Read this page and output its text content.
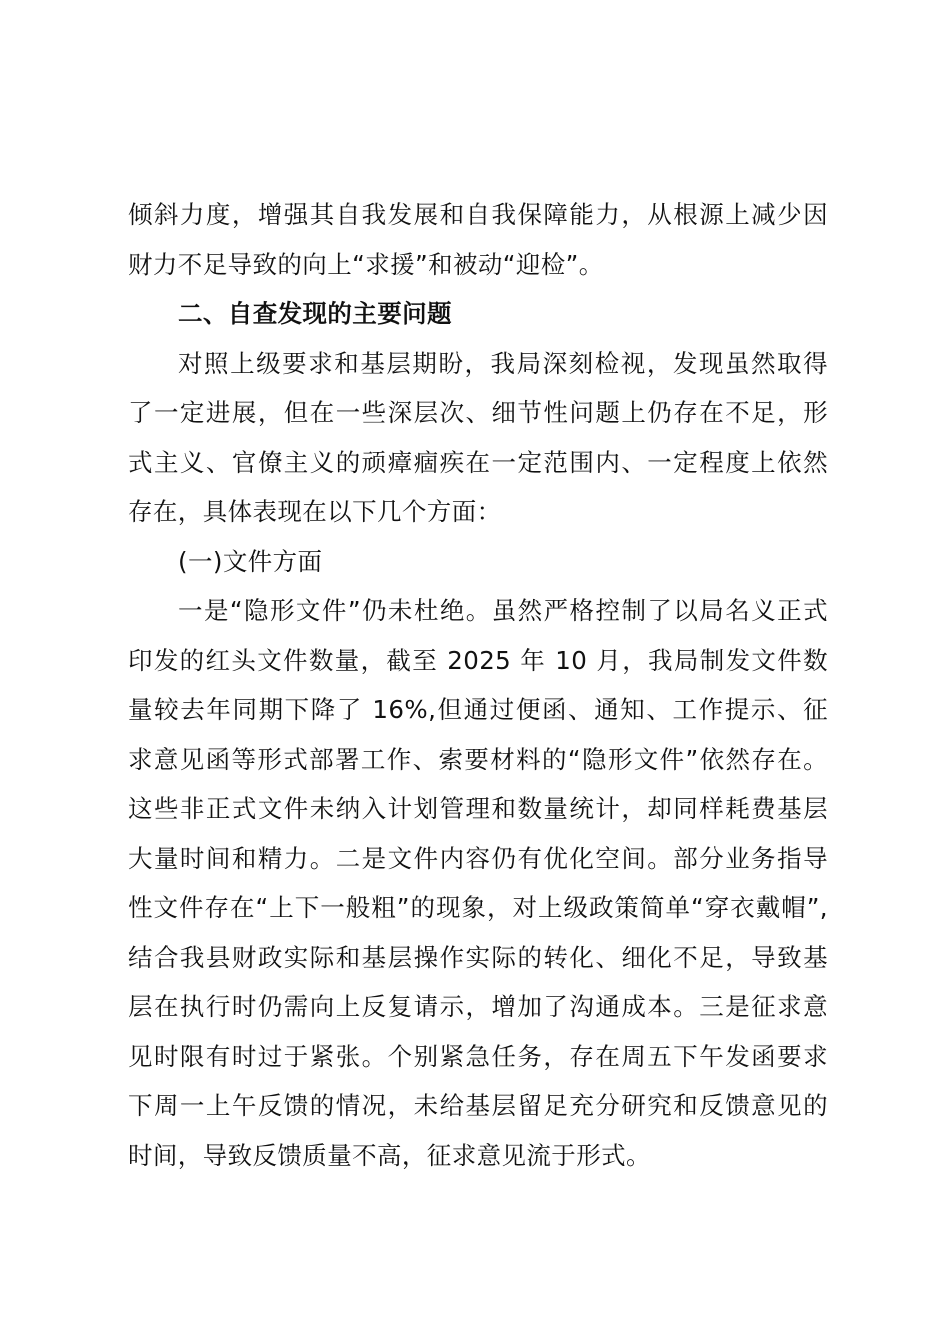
倾斜力度，增强其自我发展和自我保障能力，从根源上减少因
财力不足导致的向上“求援”和被动“迎检”。
二、自查发现的主要问题
对照上级要求和基层期盼，我局深刻检视，发现虽然取得
了一定进展，但在一些深层次、细节性问题上仍存在不足，形
式主义、官僚主义的顽瘴痼疾在一定范围内、一定程度上依然
存在，具体表现在以下几个方面：
(一)文件方面
一是“隐形文件”仍未杜绝。虽然严格控制了以局名义正式
印发的红头文件数量，截至 2025 年 10 月，我局制发文件数
量较去年同期下降了 16%,但通过便函、通知、工作提示、征
求意见函等形式部署工作、索要材料的“隐形文件”依然存在。
这些非正式文件未纳入计划管理和数量统计，却同样耗费基层
大量时间和精力。二是文件内容仍有优化空间。部分业务指导
性文件存在“上下一般粗”的现象，对上级政策简单“穿衣戴帽”,
结合我县财政实际和基层操作实际的转化、细化不足，导致基
层在执行时仍需向上反复请示，增加了沟通成本。三是征求意
见时限有时过于紧张。个别紧急任务，存在周五下午发函要求
下周一上午反馈的情况，未给基层留足充分研究和反馈意见的
时间，导致反馈质量不高，征求意见流于形式。
